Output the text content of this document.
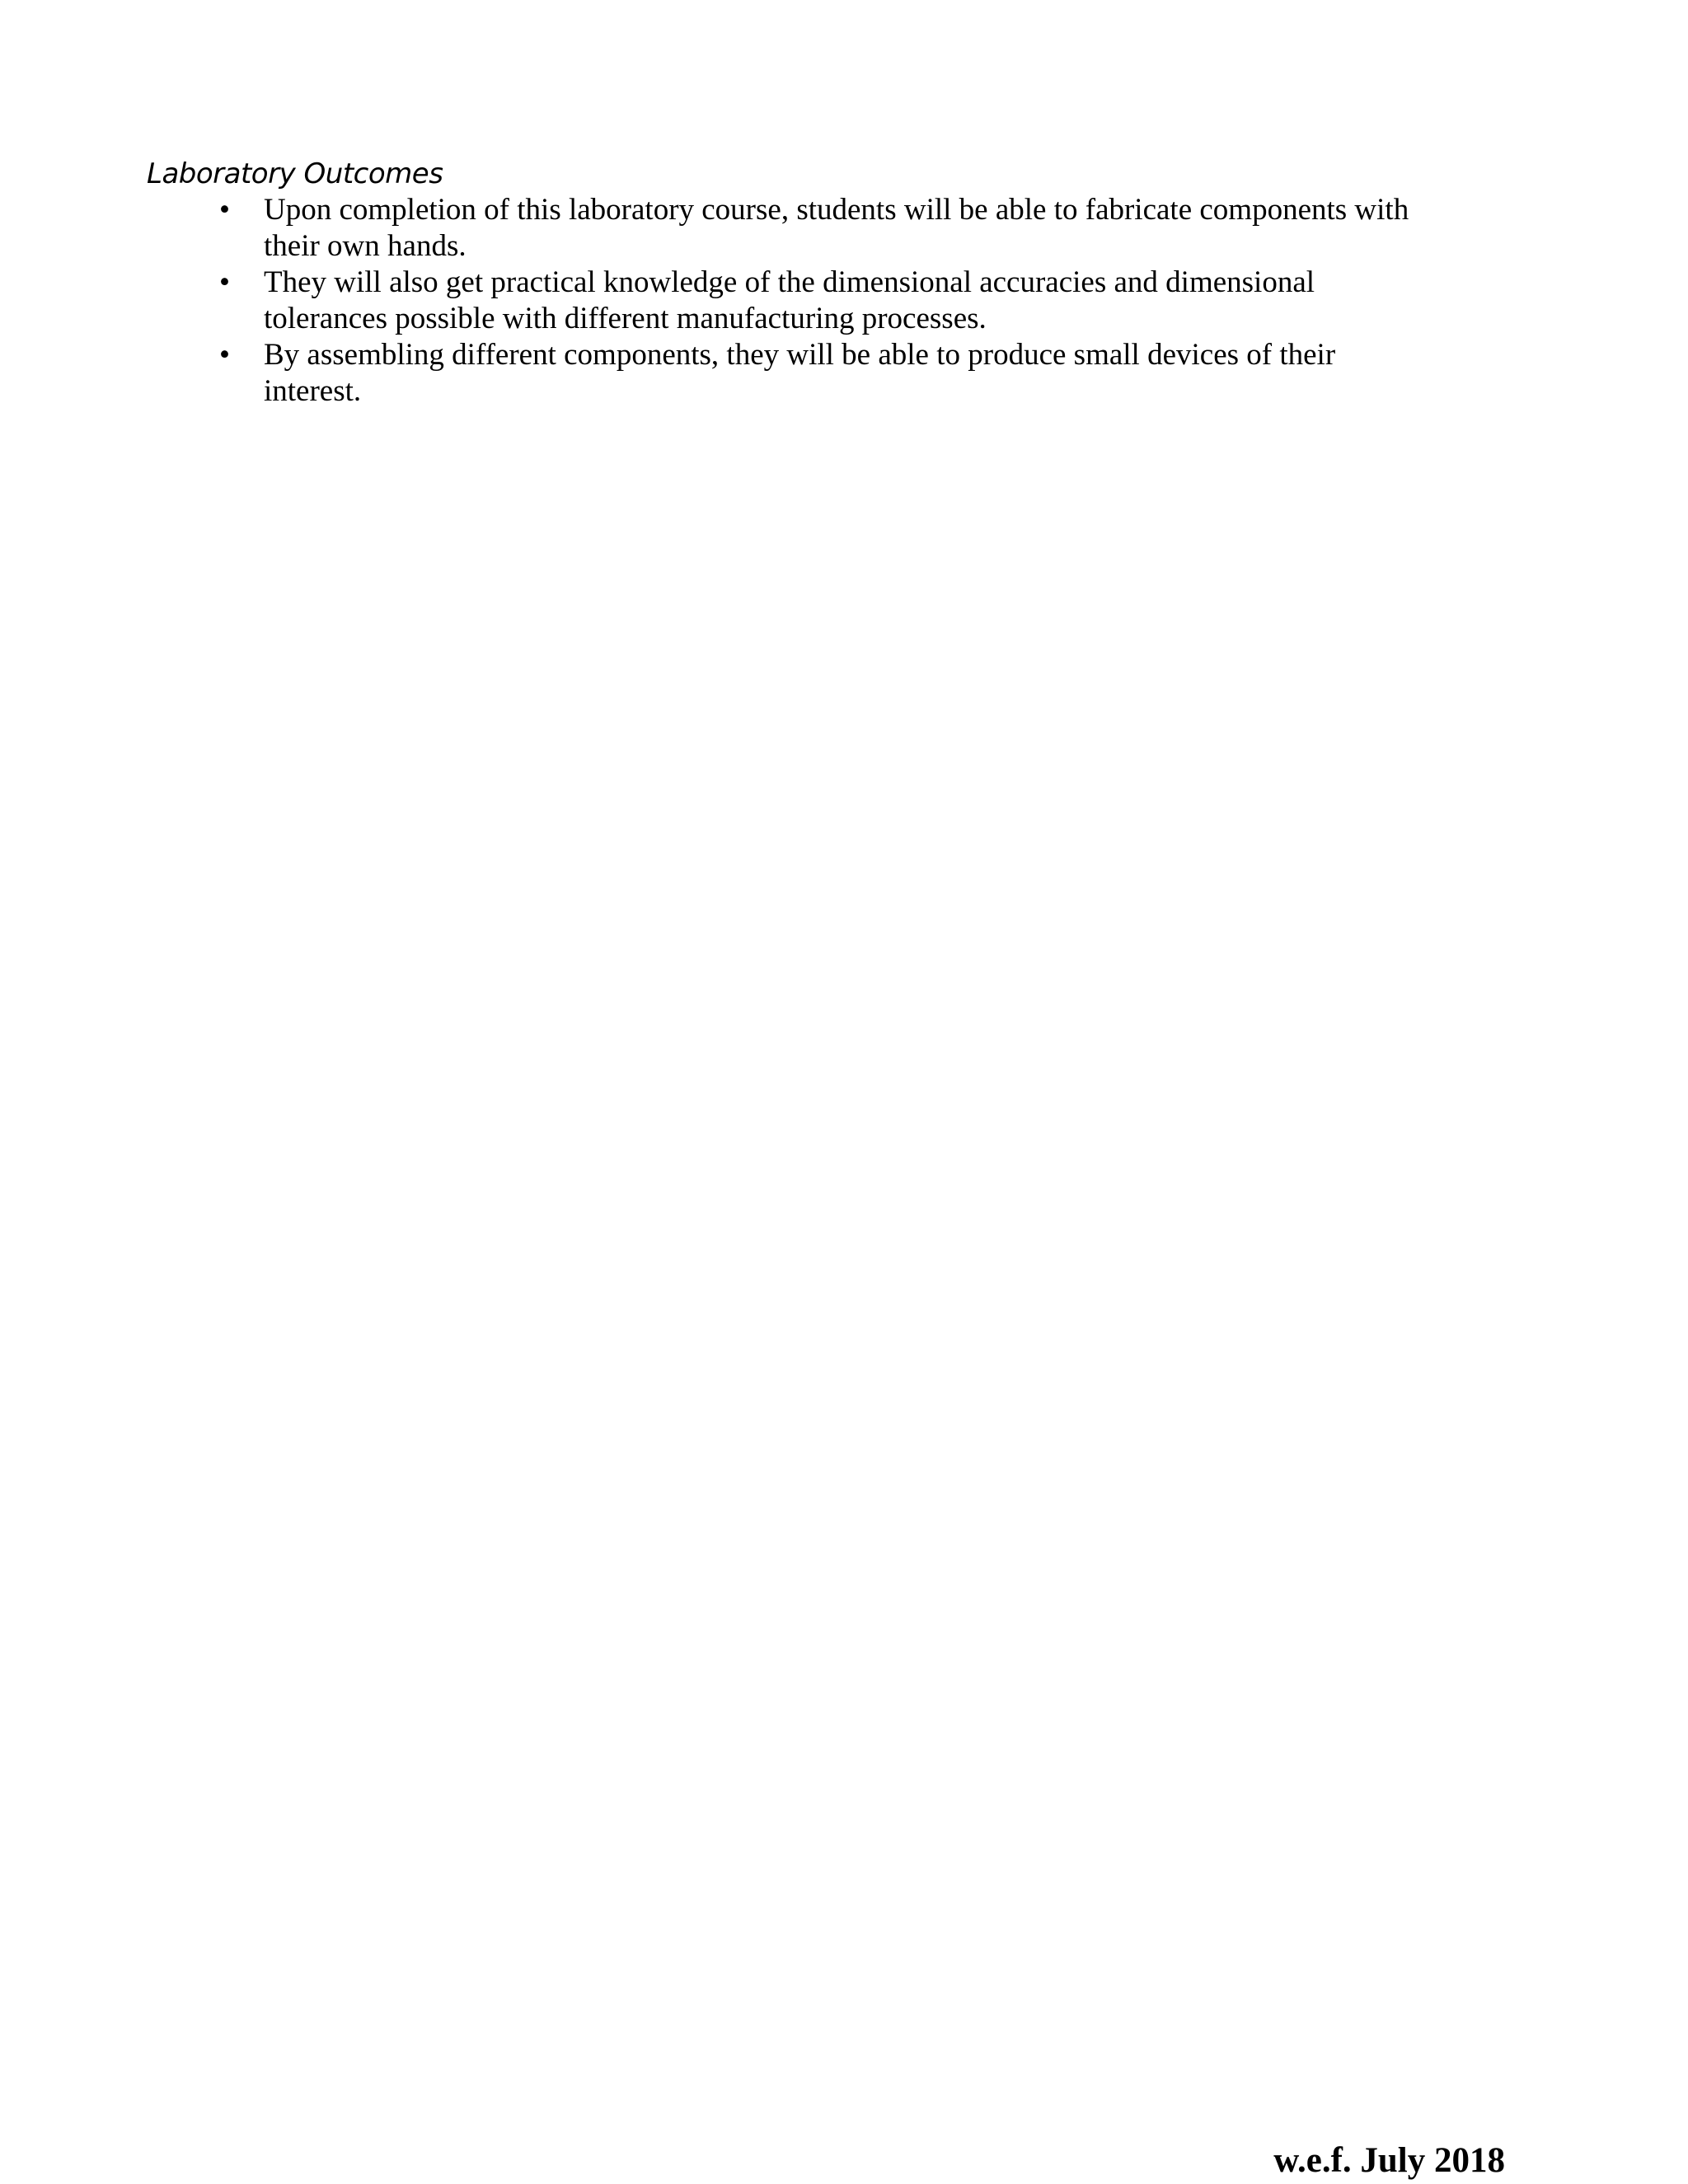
Laboratory Outcomes
• Upon completion of this laboratory course, students will be able to fabricate components with their own hands.
• They will also get practical knowledge of the dimensional accuracies and dimensional tolerances possible with different manufacturing processes.
• By assembling different components, they will be able to produce small devices of their interest.
w.e.f. July 2018
